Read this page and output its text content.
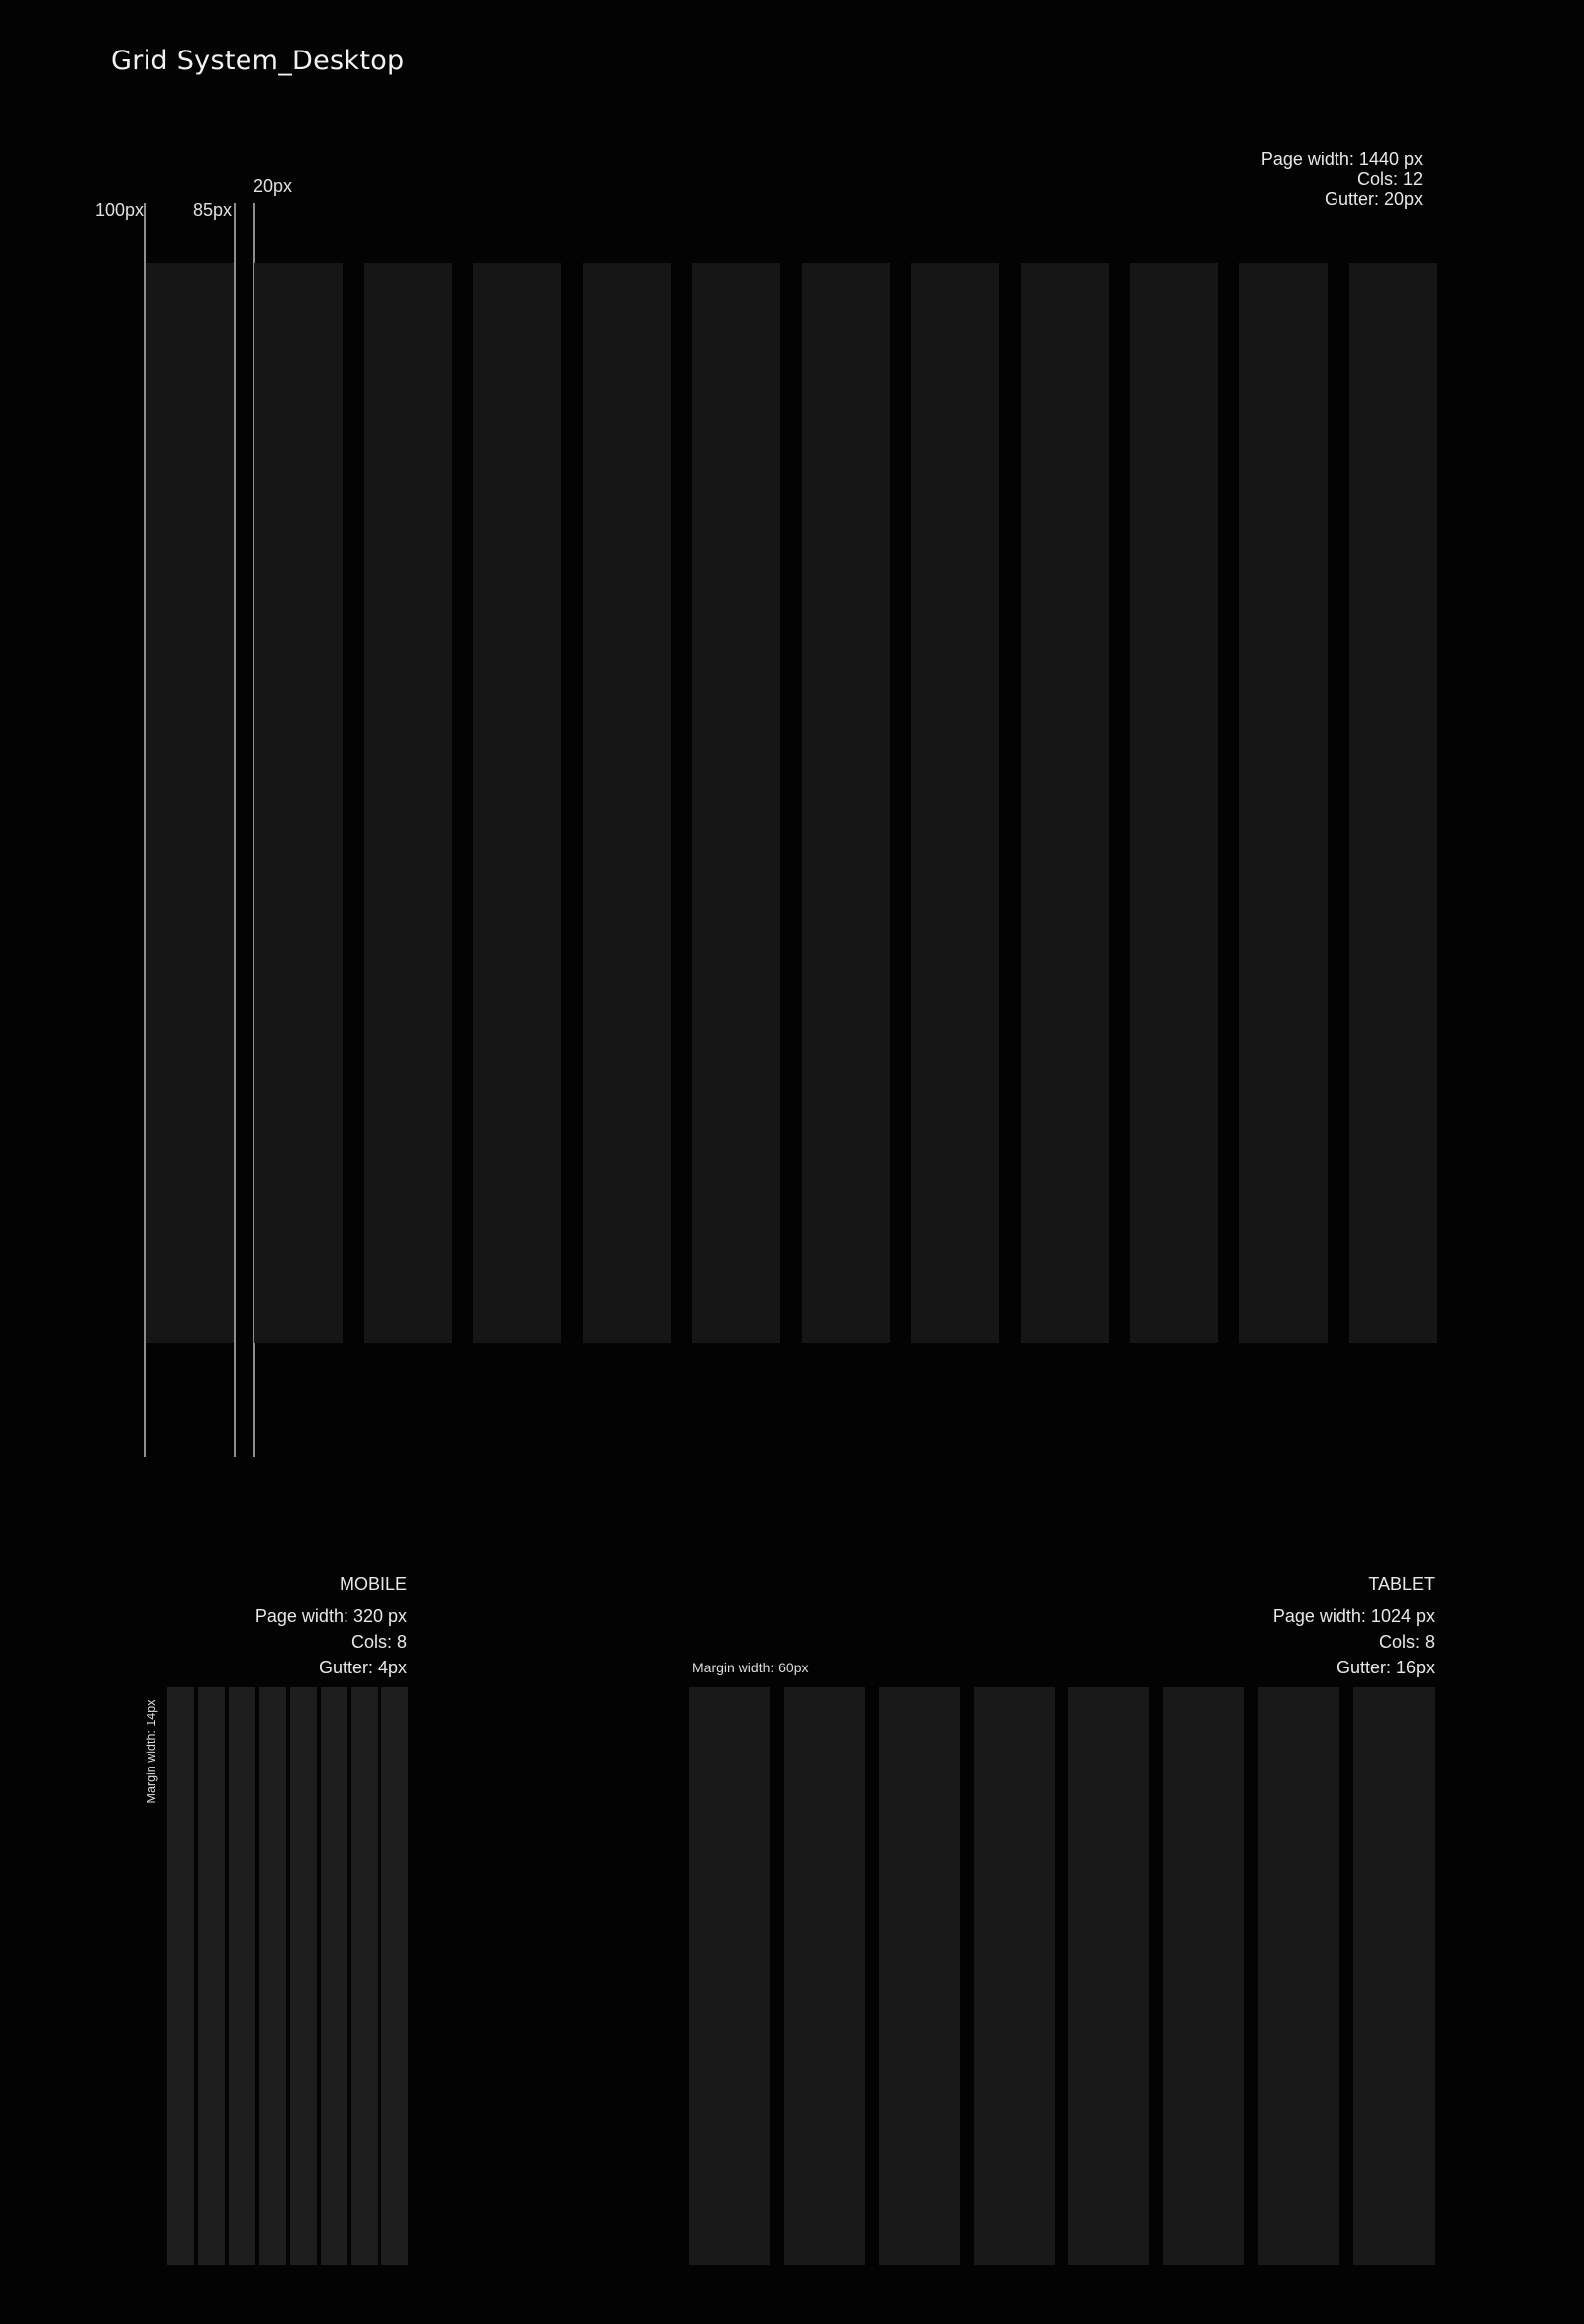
Grid System_Desktop
Page width: 1440 px
Cols: 12
Gutter: 20px
100px	85px
20px
MOBILE
Page width: 320 px
Cols: 8
Gutter: 4px
Margin width: 14px
TABLET
Page width: 1024 px
Cols: 8
Gutter: 16px
Margin width: 60px
